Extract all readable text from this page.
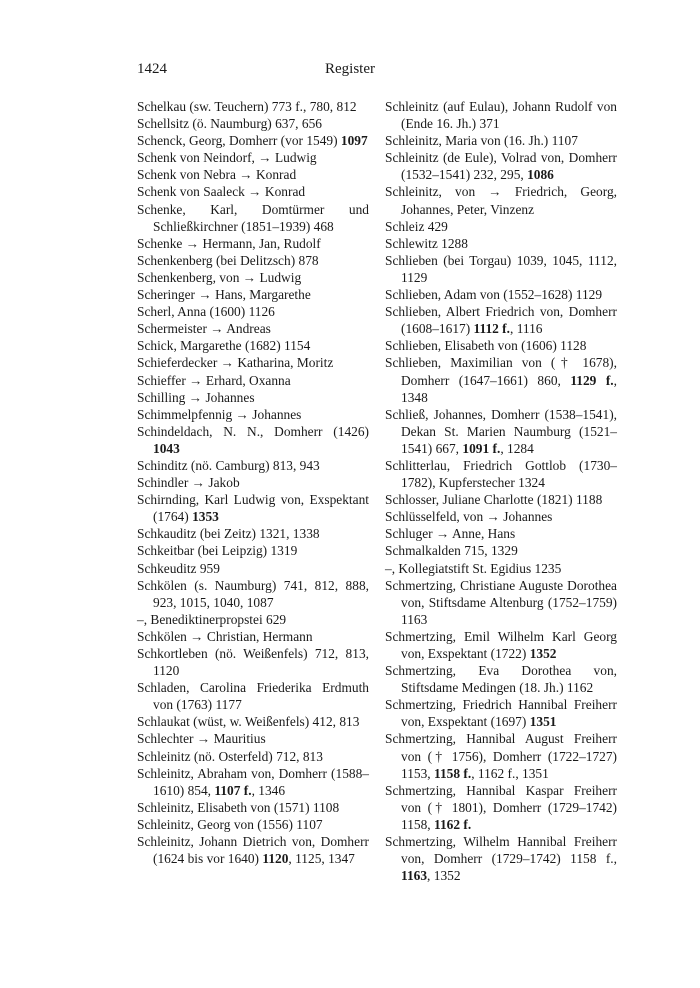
1424	Register
Schelkau (sw. Teuchern) 773 f., 780, 812
Schellsitz (ö. Naumburg) 637, 656
Schenck, Georg, Domherr (vor 1549) 1097
Schenk von Neindorf, → Ludwig
Schenk von Nebra → Konrad
Schenk von Saaleck → Konrad
Schenke, Karl, Domtürmer und Schließkirchner (1851–1939) 468
Schenke → Hermann, Jan, Rudolf
Schenkenberg (bei Delitzsch) 878
Schenkenberg, von → Ludwig
Scheringer → Hans, Margarethe
Scherl, Anna (1600) 1126
Schermeister → Andreas
Schick, Margarethe (1682) 1154
Schieferdecker → Katharina, Moritz
Schieffer → Erhard, Oxanna
Schilling → Johannes
Schimmelpfennig → Johannes
Schindeldach, N. N., Domherr (1426) 1043
Schinditz (nö. Camburg) 813, 943
Schindler → Jakob
Schirnding, Karl Ludwig von, Exspektant (1764) 1353
Schkauditz (bei Zeitz) 1321, 1338
Schkeitbar (bei Leipzig) 1319
Schkeuditz 959
Schkölen (s. Naumburg) 741, 812, 888, 923, 1015, 1040, 1087
–, Benediktinerpropstei 629
Schkölen → Christian, Hermann
Schkortleben (nö. Weißenfels) 712, 813, 1120
Schladen, Carolina Friederika Erdmuth von (1763) 1177
Schlaukat (wüst, w. Weißenfels) 412, 813
Schlechter → Mauritius
Schleinitz (nö. Osterfeld) 712, 813
Schleinitz, Abraham von, Domherr (1588–1610) 854, 1107 f., 1346
Schleinitz, Elisabeth von (1571) 1108
Schleinitz, Georg von (1556) 1107
Schleinitz, Johann Dietrich von, Domherr (1624 bis vor 1640) 1120, 1125, 1347
Schleinitz (auf Eulau), Johann Rudolf von (Ende 16. Jh.) 371
Schleinitz, Maria von (16. Jh.) 1107
Schleinitz (de Eule), Volrad von, Domherr (1532–1541) 232, 295, 1086
Schleinitz, von → Friedrich, Georg, Johannes, Peter, Vinzenz
Schleiz 429
Schlewitz 1288
Schlieben (bei Torgau) 1039, 1045, 1112, 1129
Schlieben, Adam von (1552–1628) 1129
Schlieben, Albert Friedrich von, Domherr (1608–1617) 1112 f., 1116
Schlieben, Elisabeth von (1606) 1128
Schlieben, Maximilian von († 1678), Domherr (1647–1661) 860, 1129 f., 1348
Schließ, Johannes, Domherr (1538–1541), Dekan St. Marien Naumburg (1521–1541) 667, 1091 f., 1284
Schlitterlau, Friedrich Gottlob (1730–1782), Kupferstecher 1324
Schlosser, Juliane Charlotte (1821) 1188
Schlüsselfeld, von → Johannes
Schluger → Anne, Hans
Schmalkalden 715, 1329
–, Kollegiatstift St. Egidius 1235
Schmertzing, Christiane Auguste Dorothea von, Stiftsdame Altenburg (1752–1759) 1163
Schmertzing, Emil Wilhelm Karl Georg von, Exspektant (1722) 1352
Schmertzing, Eva Dorothea von, Stiftsdame Medingen (18. Jh.) 1162
Schmertzing, Friedrich Hannibal Freiherr von, Exspektant (1697) 1351
Schmertzing, Hannibal August Freiherr von († 1756), Domherr (1722–1727) 1153, 1158 f., 1162 f., 1351
Schmertzing, Hannibal Kaspar Freiherr von († 1801), Domherr (1729–1742) 1158, 1162 f.
Schmertzing, Wilhelm Hannibal Freiherr von, Domherr (1729–1742) 1158 f., 1163, 1352
